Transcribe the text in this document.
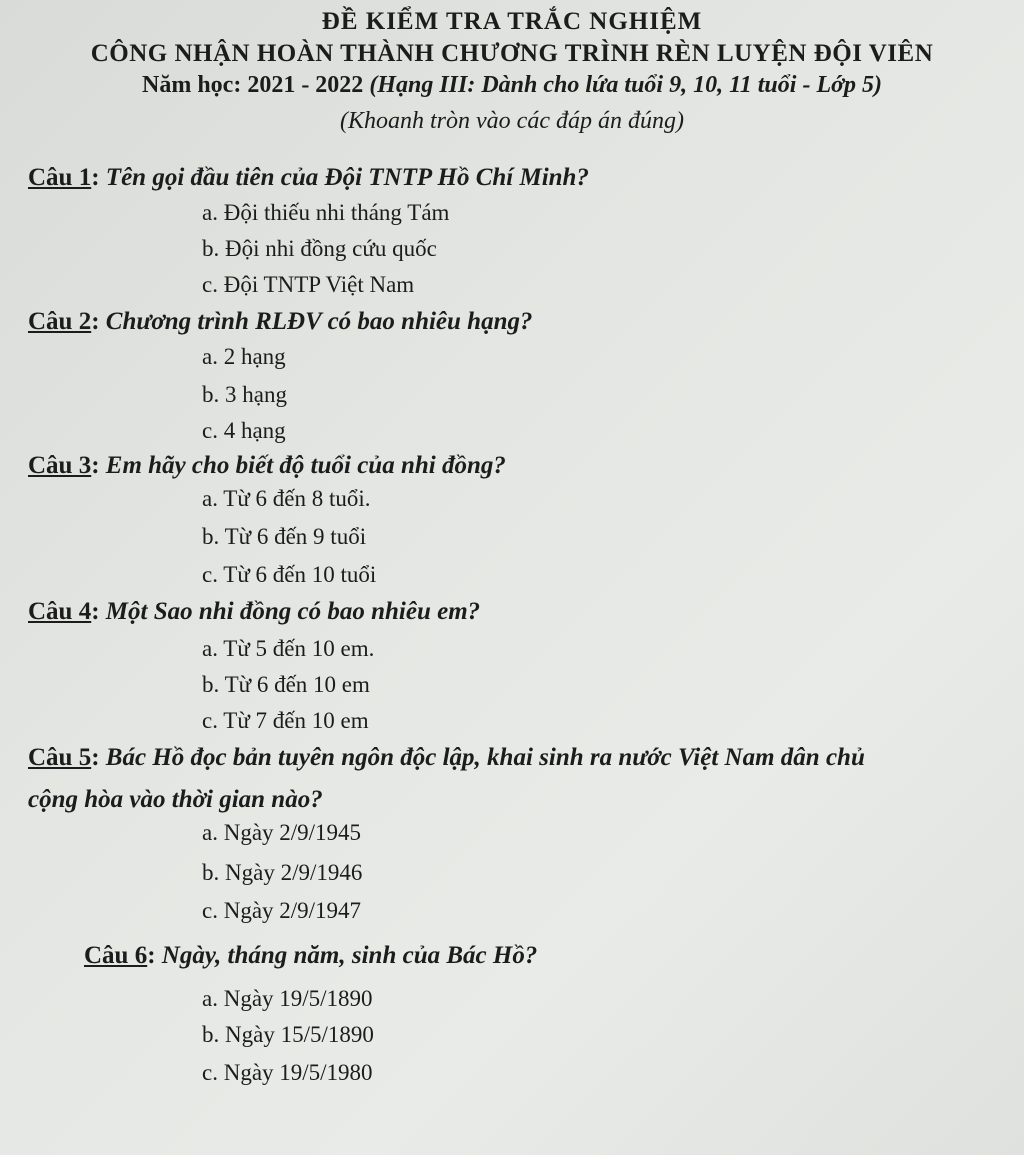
ĐỀ KIỂM TRA TRẮC NGHIỆM
CÔNG NHẬN HOÀN THÀNH CHƯƠNG TRÌNH RÈN LUYỆN ĐỘI VIÊN
Năm học: 2021 - 2022 (Hạng III: Dành cho lứa tuổi 9, 10, 11 tuổi - Lớp 5)
(Khoanh tròn vào các đáp án đúng)
Câu 1: Tên gọi đầu tiên của Đội TNTP Hồ Chí Minh?
a. Đội thiếu nhi tháng Tám
b. Đội nhi đồng cứu quốc
c. Đội TNTP Việt Nam
Câu 2: Chương trình RLĐV có bao nhiêu hạng?
a. 2 hạng
b. 3 hạng
c. 4 hạng
Câu 3: Em hãy cho biết độ tuổi của nhi đồng?
a. Từ 6 đến 8 tuổi.
b. Từ 6 đến 9 tuổi
c. Từ 6 đến 10 tuổi
Câu 4: Một Sao nhi đồng có bao nhiêu em?
a. Từ 5 đến 10 em.
b. Từ 6 đến 10 em
c. Từ 7 đến 10 em
Câu 5: Bác Hồ đọc bản tuyên ngôn độc lập, khai sinh ra nước Việt Nam dân chủ
cộng hòa vào thời gian nào?
a. Ngày 2/9/1945
b. Ngày 2/9/1946
c. Ngày 2/9/1947
Câu 6: Ngày, tháng năm, sinh của Bác Hồ?
a. Ngày 19/5/1890
b. Ngày 15/5/1890
c. Ngày 19/5/1980
